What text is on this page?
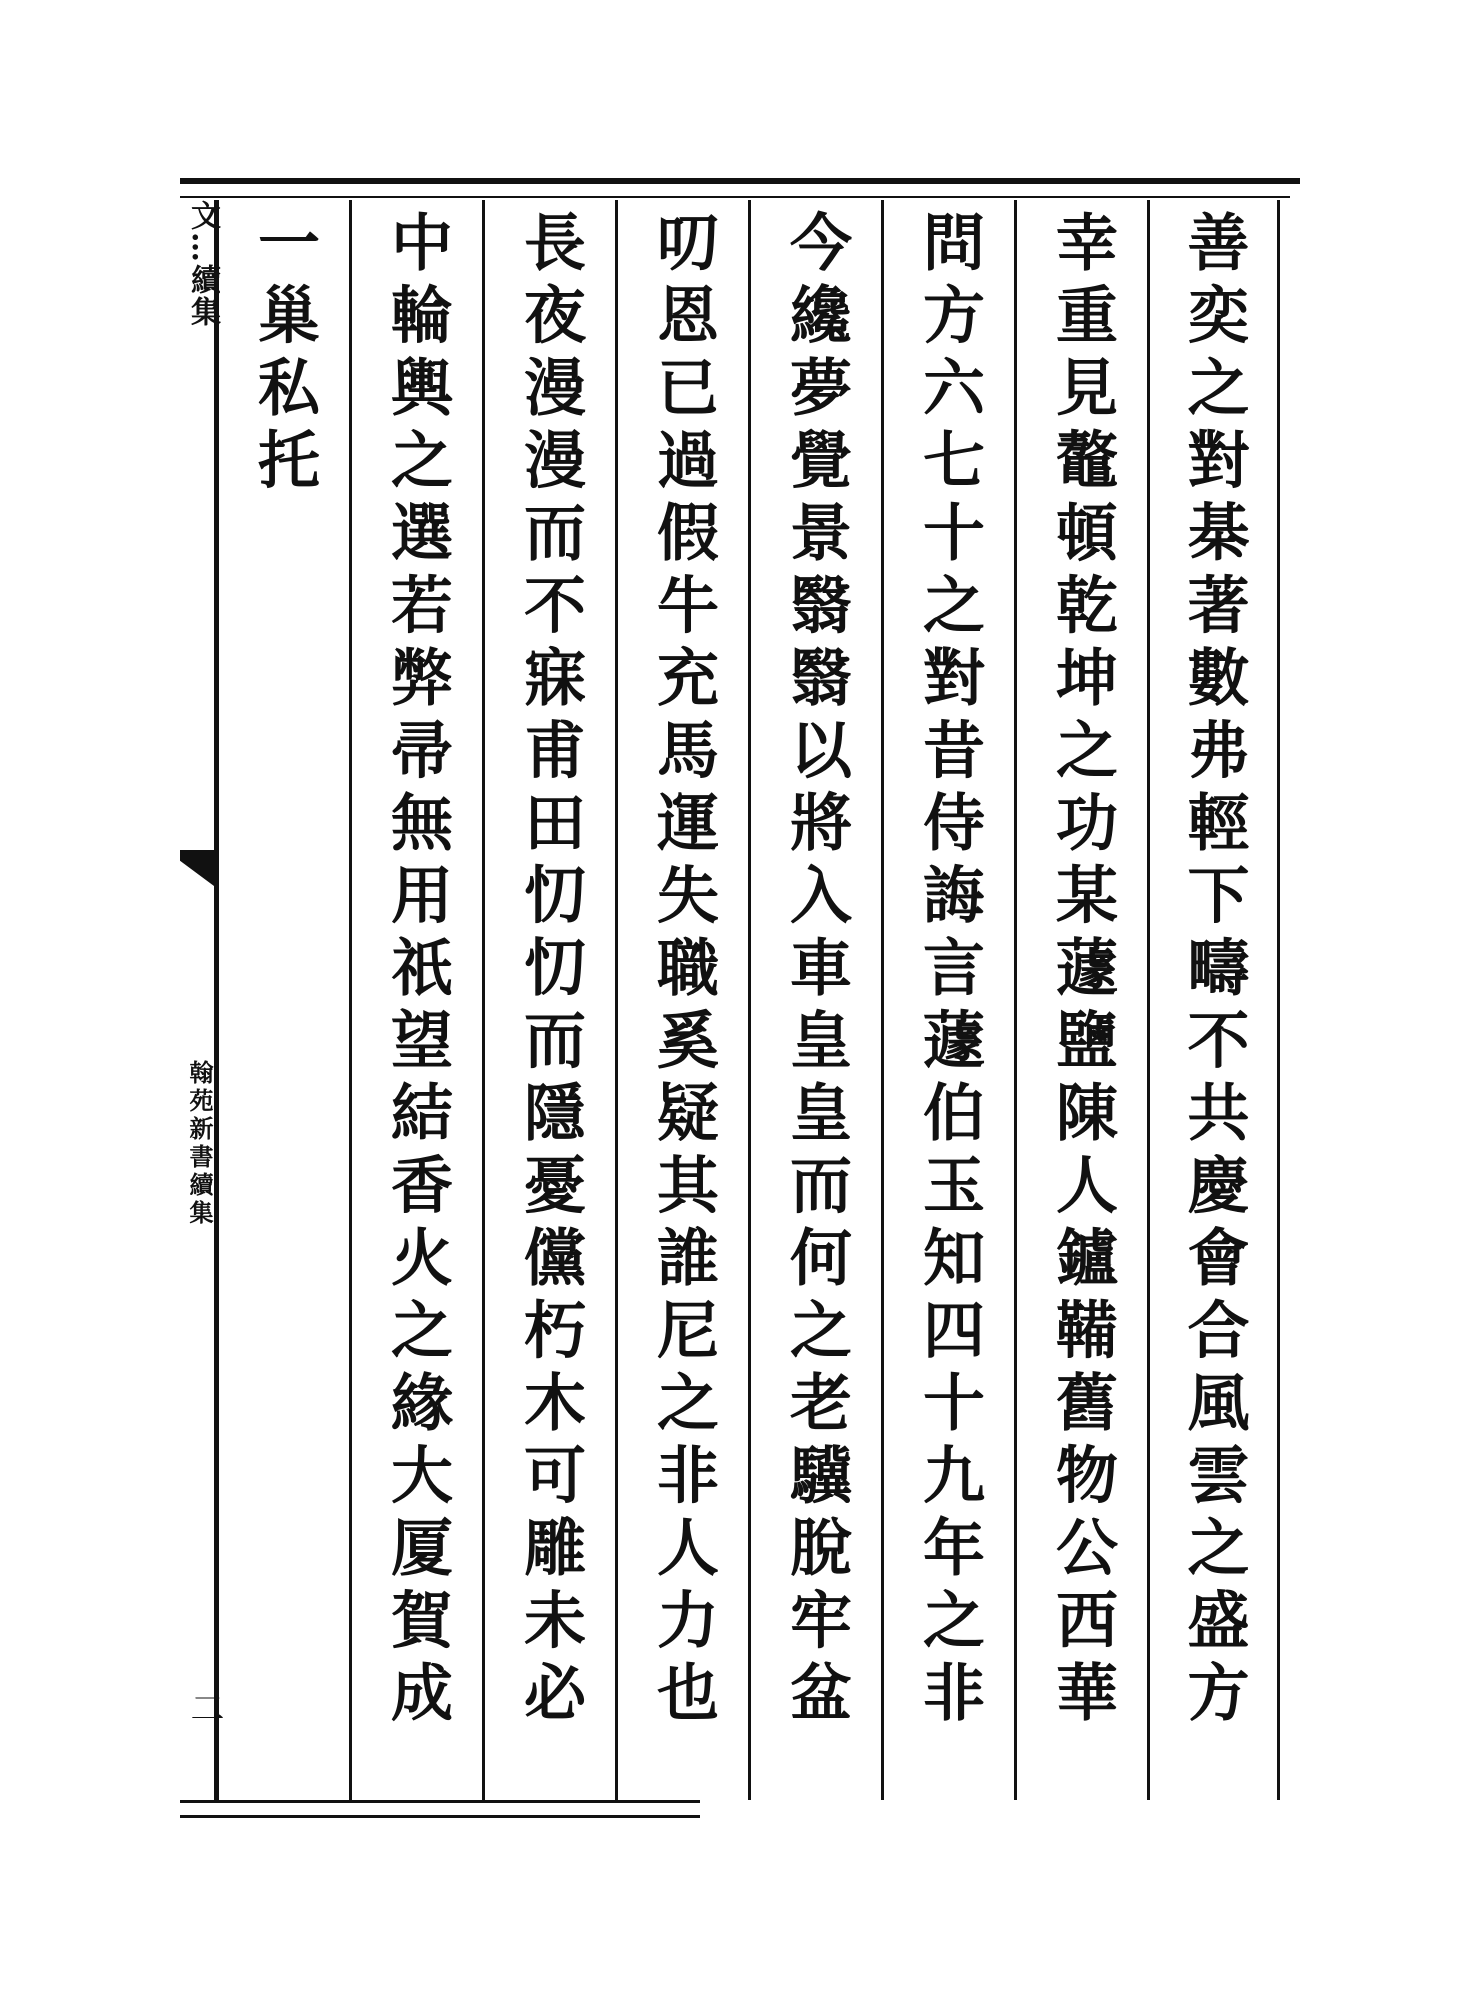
文…續集
翰苑新書續集
二	善奕之對棊著數弗輕下疇不共慶會合風雲之盛方
幸重見鼇頓乾坤之功某蘧鹽陳人鑪鞴舊物公西華
問方六七十之對昔侍誨言蘧伯玉知四十九年之非
今纔夢覺景翳翳以將入車皇皇而何之老驥脫牢盆
叨恩已過假牛充馬運失職奚疑其誰尼之非人力也
長夜漫漫而不寐甫田忉忉而隱憂儻朽木可雕未必
中輪輿之選若弊帚無用祇望結香火之緣大厦賀成
一巢私托
